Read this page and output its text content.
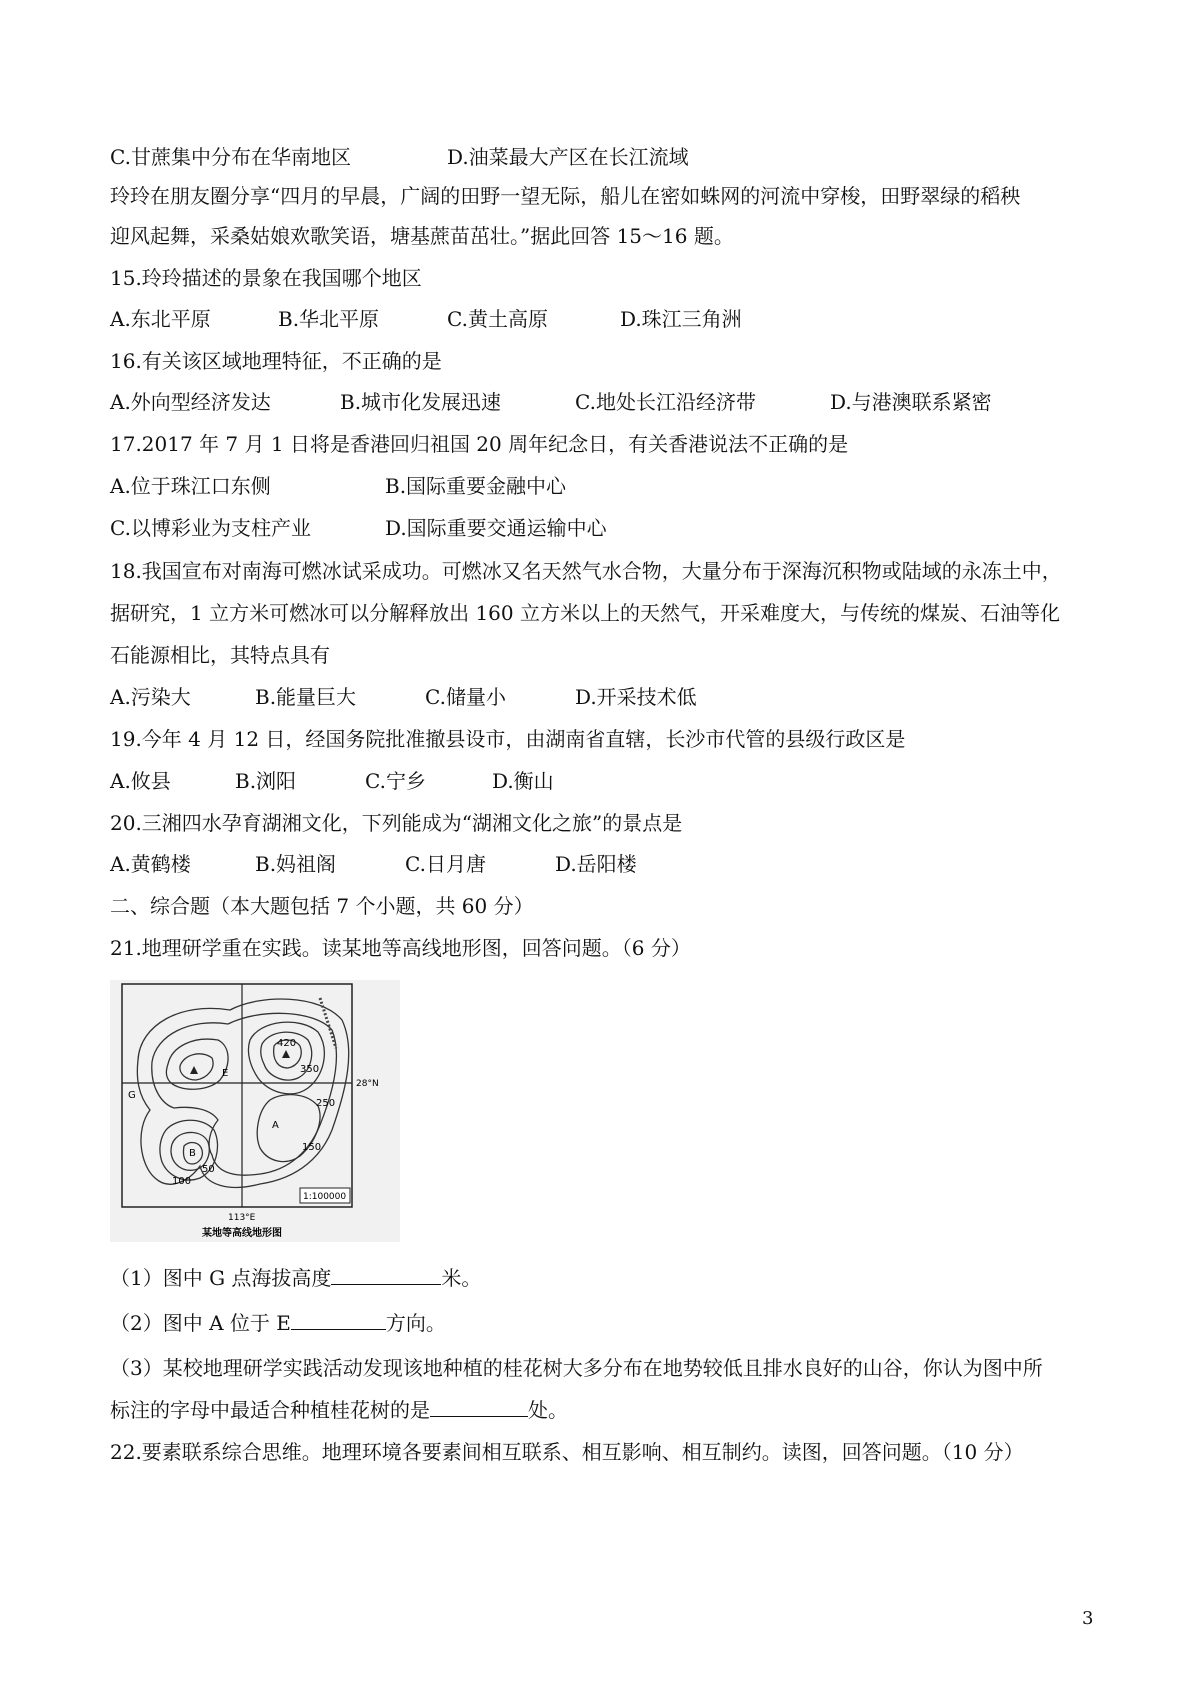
C.甘蔗集中分布在华南地区	D.油菜最大产区在长江流域
玲玲在朋友圈分享“四月的早晨，广阔的田野一望无际，船儿在密如蛛网的河流中穿梭，田野翠绿的稻秧
迎风起舞，采桑姑娘欢歌笑语，塘基蔗苗茁壮。”据此回答 15～16 题。
15.玲玲描述的景象在我国哪个地区
A.东北平原	B.华北平原	C.黄土高原	D.珠江三角洲
16.有关该区域地理特征，不正确的是
A.外向型经济发达	B.城市化发展迅速	C.地处长江沿经济带	D.与港澳联系紧密
17.2017 年 7 月 1 日将是香港回归祖国 20 周年纪念日，有关香港说法不正确的是
A.位于珠江口东侧	B.国际重要金融中心
C.以博彩业为支柱产业	D.国际重要交通运输中心
18.我国宣布对南海可燃冰试采成功。可燃冰又名天然气水合物，大量分布于深海沉积物或陆域的永冻土中，
据研究，1 立方米可燃冰可以分解释放出 160 立方米以上的天然气，开采难度大，与传统的煤炭、石油等化
石能源相比，其特点具有
A.污染大	B.能量巨大	C.储量小	D.开采技术低
19.今年 4 月 12 日，经国务院批准撤县设市，由湖南省直辖，长沙市代管的县级行政区是
A.攸县	B.浏阳	C.宁乡	D.衡山
20.三湘四水孕育湖湘文化，下列能成为“湖湘文化之旅”的景点是
A.黄鹤楼	B.妈祖阁	C.日月唐	D.岳阳楼
二、综合题（本大题包括 7 个小题，共 60 分）
21.地理研学重在实践。读某地等高线地形图，回答问题。（6 分）
420
350
250
150
100
50
G
E
A
B
28°N
113°E
1:100000
某地等高线地形图
（1）图中 G 点海拔高度	米。
（2）图中 A 位于 E	方向。
（3）某校地理研学实践活动发现该地种植的桂花树大多分布在地势较低且排水良好的山谷，你认为图中所
标注的字母中最适合种植桂花树的是	处。
22.要素联系综合思维。地理环境各要素间相互联系、相互影响、相互制约。读图，回答问题。（10 分）
3
